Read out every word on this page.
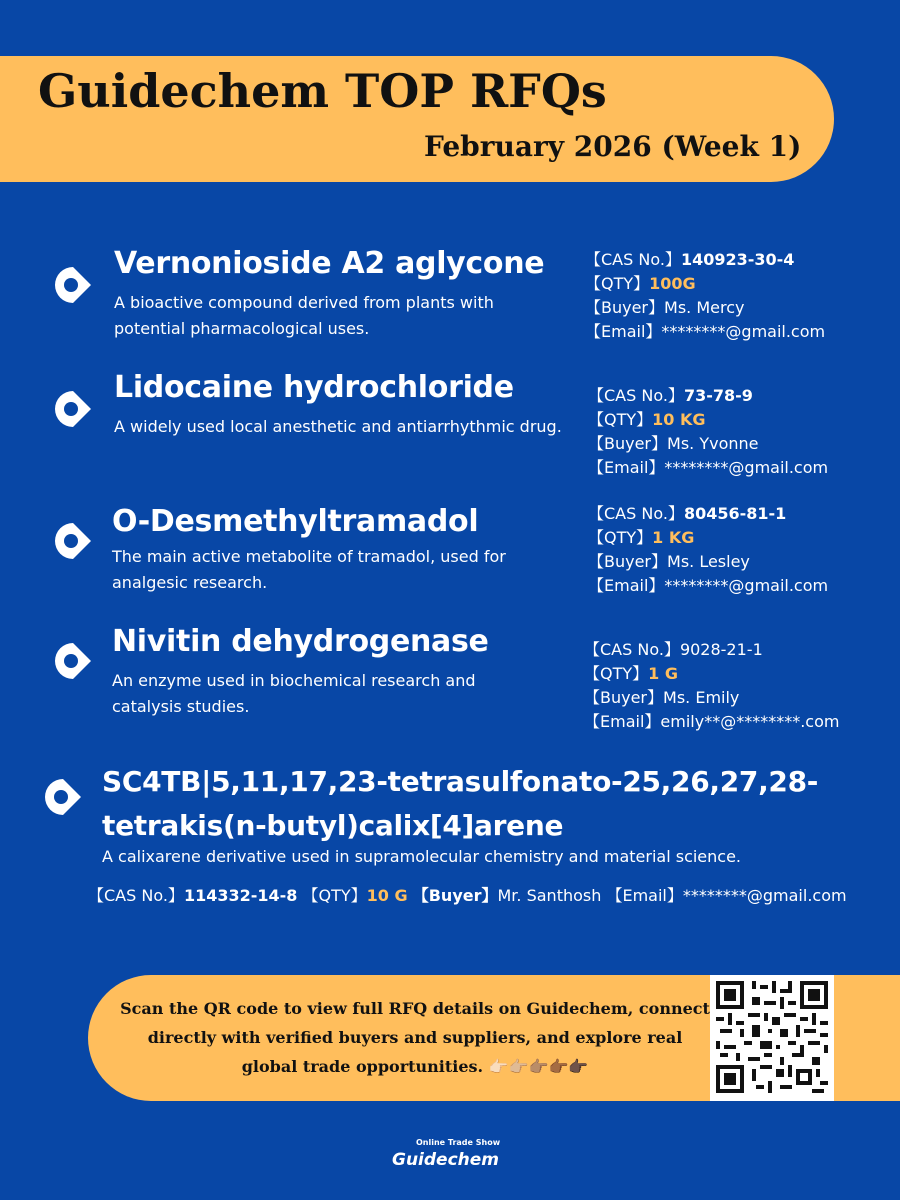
Guidechem TOP RFQs
February 2026 (Week 1)
Vernonioside A2 aglycone
A bioactive compound derived from plants with potential pharmacological uses.
【CAS No.】140923-30-4
【QTY】100G
【Buyer】Ms. Mercy
【Email】********@gmail.com
Lidocaine hydrochloride
A widely used local anesthetic and antiarrhythmic drug.
【CAS No.】73-78-9
【QTY】10 KG
【Buyer】Ms. Yvonne
【Email】********@gmail.com
O-Desmethyltramadol
The main active metabolite of tramadol, used for analgesic research.
【CAS No.】80456-81-1
【QTY】1 KG
【Buyer】Ms. Lesley
【Email】********@gmail.com
Nivitin dehydrogenase
An enzyme used in biochemical research and catalysis studies.
【CAS No.】9028-21-1
【QTY】1 G
【Buyer】Ms. Emily
【Email】emily**@********.com
SC4TB|5,11,17,23-tetrasulfonato-25,26,27,28-tetrakis(n-butyl)calix[4]arene
A calixarene derivative used in supramolecular chemistry and material science.
【CAS No.】114332-14-8 【QTY】10 G 【Buyer】Mr. Santhosh 【Email】********@gmail.com
Scan the QR code to view full RFQ details on Guidechem, connect directly with verified buyers and suppliers, and explore real global trade opportunities. 👉🏻👉🏼👉🏽👉🏾👉🏿
Online Trade Show
Guidechem
